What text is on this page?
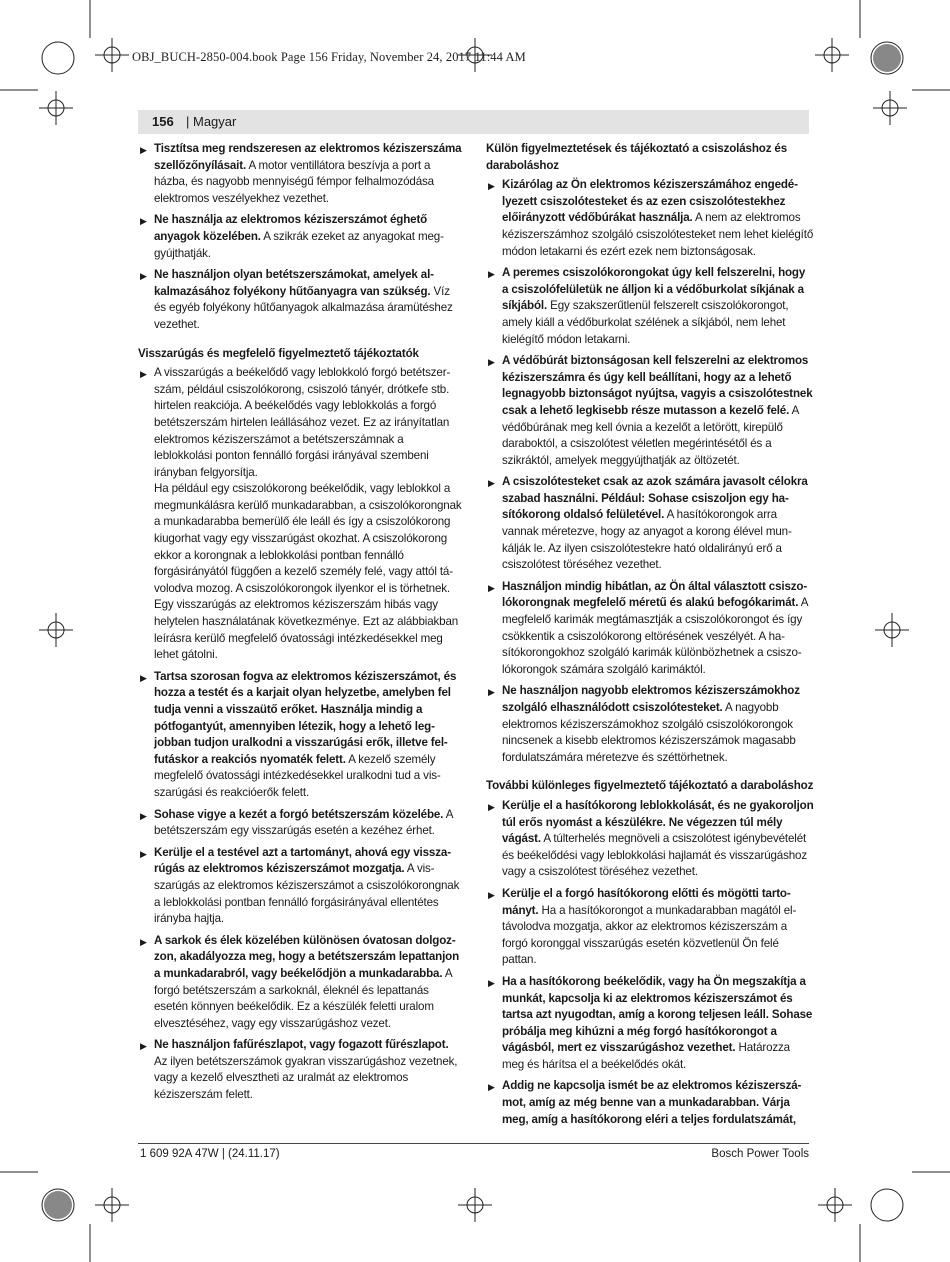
OBJ_BUCH-2850-004.book Page 156 Friday, November 24, 2017 11:44 AM
156 | Magyar
▶ Tisztítsa meg rendszeresen az elektromos kéziszerszáma szellőzőnyílásait. A motor ventillátora beszívja a port a házba, és nagyobb mennyiségű fémpor felhalmozódása elektromos veszélyekhez vezethet.

▶ Ne használja az elektromos kéziszerszámot éghető anyagok közelében. A szikrák ezeket az anyagokat meggyújthatják.

▶ Ne használjon olyan betétszerszámokat, amelyek alkalmazásához folyékony hűtőanyagra van szükség. Víz és egyéb folyékony hűtőanyagok alkalmazása áramütéshez vezethet.

Visszarúgás és megfelelő figyelmeztető tájékoztatók
▶ A visszarúgás a beékelődő vagy leblokkoló forgó betétszerszám, például csiszolókorong, csiszoló tányér, drótkefe stb. hirtelen reakciója. A beékelődés vagy leblokkolás a forgó betétszerszám hirtelen leállásához vezet. Ez az irányítatlan elektromos kéziszerszámot a betétszerszámnak a leblokkolási ponton fennálló forgási irányával szembeni irányban felgyorsítja.

Ha például egy csiszolókorong beékelődik, vagy leblokkol a megmunkálásra kerülő munkadarabban, a csiszolókorongnak a munkadarabba bemerülő éle leáll és így a csiszolókorong kiugorhat vagy egy visszarúgást okozhat. A csiszolókorong ekkor a korongnak a leblokkolási pontban fennálló forgásirányától függően a kezelő személy felé, vagy attól távolodva mozog. A csiszolókorongok ilyenkor el is törhetnek. Egy visszarúgás az elektromos kéziszerszám hibás vagy helytelen használatának következménye. Ezt az alábbiakban leírásra kerülő megfelelő óvatossági intézkedésekkel meg lehet gátolni.

▶ Tartsa szorosan fogva az elektromos kéziszerszámot, és hozza a testét és a karjait olyan helyzetbe, amelyben fel tudja venni a visszaütő erőket. Használja mindig a pótfogantyút, amennyiben létezik, hogy a lehető legjobban tudjon uralkodni a visszarúgási erők, illetve felfutáskor a reakciós nyomaték felett. A kezelő személy megfelelő óvatossági intézkedésekkel uralkodni tud a visszarúgási és reakcióerők felett.

▶ Sohase vigye a kezét a forgó betétszerszám közelébe. A betétszerszám egy visszarúgás esetén a kezéhez érhet.

▶ Kerülje el a testével azt a tartományt, ahová egy visszarúgás az elektromos kéziszerszámot mozgatja. A visszarúgás az elektromos kéziszerszámot a csiszolókorongnak a leblokkolási pontban fennálló forgásirányával ellentétes irányba hajtja.

▶ A sarkok és élek közelében különösen óvatosan dolgozzon, akadályozza meg, hogy a betétszerszám lepattanjon a munkadarabról, vagy beékelődjön a munkadarabba. A forgó betétszerszám a sarkoknál, éleknél és lepattanás esetén könnyen beékelődik. Ez a készülék feletti uralom elvesztéséhez, vagy egy visszarúgáshoz vezet.

▶ Ne használjon fafűrészlapot, vagy fogazott fűrészlapot. Az ilyen betétszerszámok gyakran visszarúgáshoz vezetnek, vagy a kezelő elvesztheti az uralmát az elektromos kéziszerszám felett.

Külön figyelmeztetések és tájékoztató a csiszoláshoz és daraboláshoz
▶ Kizárólag az Ön elektromos kéziszerszámához engedélyezett csiszolótesteket és az ezen csiszolótestekhez előirányzott védőbúrákat használja. A nem az elektromos kéziszerszámhoz szolgáló csiszolótesteket nem lehet kielégítő módon letakarni és ezért ezek nem biztonságosak.

▶ A peremes csiszolókorongokat úgy kell felszerelni, hogy a csiszolófelületük ne álljon ki a védőburkolat síkjának a síkjából. Egy szakszerűtlenül felszerelt csiszolókorongot, amely kiáll a védőburkolat szélének a síkjából, nem lehet kielégítő módon letakarni.

▶ A védőbúrát biztonságosan kell felszerelni az elektromos kéziszerszámra és úgy kell beállítani, hogy az a lehető legnagyobb biztonságot nyújtsa, vagyis a csiszolótestnek csak a lehető legkisebb része mutasson a kezelő felé. A védőbúrának meg kell óvnia a kezelőt a letörött, kirepülő daraboktól, a csiszolótest véletlen megérintésétől és a szikráktól, amelyek meggyújthatják az öltözetét.

▶ A csiszolótesteket csak az azok számára javasolt célokra szabad használni. Például: Sohase csiszoljon egy hasítókorong oldalsó felületével. A hasítókorongok arra vannak méretezve, hogy az anyagot a korong élével munkálják le. Az ilyen csiszolótestekre ható oldalirányú erő a csiszolótest töréséhez vezethet.

▶ Használjon mindig hibátlan, az Ön által választott csiszolókorongnak megfelelő méretű és alakú befogókarimát. A megfelelő karimák megtámasztják a csiszolókorongot és így csökkentik a csiszolókorong eltörésének veszélyét. A hasítókorongokhoz szolgáló karimák különbözhetnek a csiszolókorongok számára szolgáló karimáktól.

▶ Ne használjon nagyobb elektromos kéziszerszámokhoz szolgáló elhasználódott csiszolótesteket. A nagyobb elektromos kéziszerszámokhoz szolgáló csiszolókorongok nincsenek a kisebb elektromos kéziszerszámok magasabb fordulatszámára méretezve és széttörhetnek.

További különleges figyelmeztető tájékoztató a daraboláshoz
▶ Kerülje el a hasítókorong leblokkolását, és ne gyakoroljon túl erős nyomást a készülékre. Ne végezzen túl mély vágást. A túlterhelés megnöveli a csiszolótest igénybevételét és beékelődési vagy leblokkolási hajlamát és visszarúgáshoz vagy a csiszolótest töréséhez vezethet.

▶ Kerülje el a forgó hasítókorong előtti és mögötti tartományt. Ha a hasítókorongot a munkadarabban magától eltávolodva mozgatja, akkor az elektromos kéziszerszám a forgó koronggal visszarúgás esetén közvetlenül Ön felé pattan.

▶ Ha a hasítókorong beékelődik, vagy ha Ön megszakítja a munkát, kapcsolja ki az elektromos kéziszerszámot és tartsa azt nyugodtan, amíg a korong teljesen leáll. Sohase próbálja meg kihúzni a még forgó hasítókorongot a vágásból, mert ez visszarúgáshoz vezethet. Határozza meg és hárítsa el a beékelődés okát.

▶ Addig ne kapcsolja ismét be az elektromos kéziszerszámot, amíg az még benne van a munkadarabban. Várja meg, amíg a hasítókorong eléri a teljes fordulatszámát,

1 609 92A 47W | (24.11.17)	Bosch Power Tools
